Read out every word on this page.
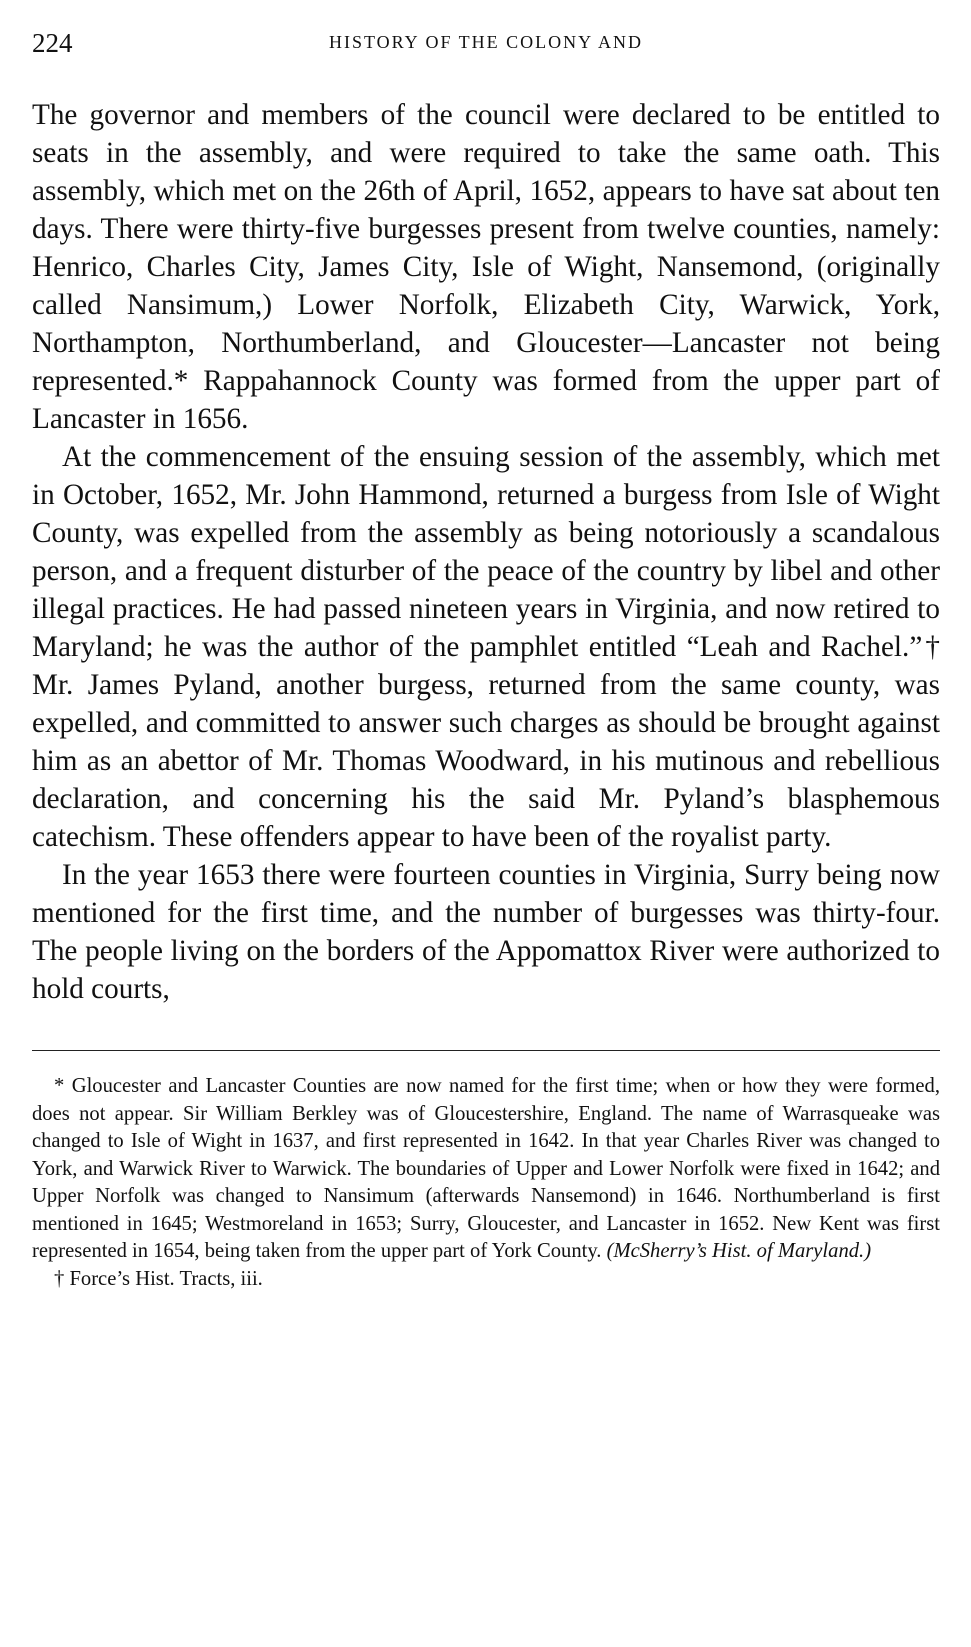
224	HISTORY OF THE COLONY AND

The governor and members of the council were declared to be entitled to seats in the assembly, and were required to take the same oath. This assembly, which met on the 26th of April, 1652, appears to have sat about ten days. There were thirty-five burgesses present from twelve counties, namely: Henrico, Charles City, James City, Isle of Wight, Nansemond, (originally called Nansimum,) Lower Norfolk, Elizabeth City, Warwick, York, Northampton, Northumberland, and Gloucester—Lancaster not being represented.* Rappahannock County was formed from the upper part of Lancaster in 1656.

At the commencement of the ensuing session of the assembly, which met in October, 1652, Mr. John Hammond, returned a burgess from Isle of Wight County, was expelled from the assembly as being notoriously a scandalous person, and a frequent disturber of the peace of the country by libel and other illegal practices. He had passed nineteen years in Virginia, and now retired to Maryland; he was the author of the pamphlet entitled “Leah and Rachel.”† Mr. James Pyland, another burgess, returned from the same county, was expelled, and committed to answer such charges as should be brought against him as an abettor of Mr. Thomas Woodward, in his mutinous and rebellious declaration, and concerning his the said Mr. Pyland’s blasphemous catechism. These offenders appear to have been of the royalist party.

In the year 1653 there were fourteen counties in Virginia, Surry being now mentioned for the first time, and the number of burgesses was thirty-four. The people living on the borders of the Appomattox River were authorized to hold courts,

* Gloucester and Lancaster Counties are now named for the first time; when or how they were formed, does not appear. Sir William Berkley was of Gloucestershire, England. The name of Warrasqueake was changed to Isle of Wight in 1637, and first represented in 1642. In that year Charles River was changed to York, and Warwick River to Warwick. The boundaries of Upper and Lower Norfolk were fixed in 1642; and Upper Norfolk was changed to Nansimum (afterwards Nansemond) in 1646. Northumberland is first mentioned in 1645; Westmoreland in 1653; Surry, Gloucester, and Lancaster in 1652. New Kent was first represented in 1654, being taken from the upper part of York County. (McSherry’s Hist. of Maryland.)

† Force’s Hist. Tracts, iii.
